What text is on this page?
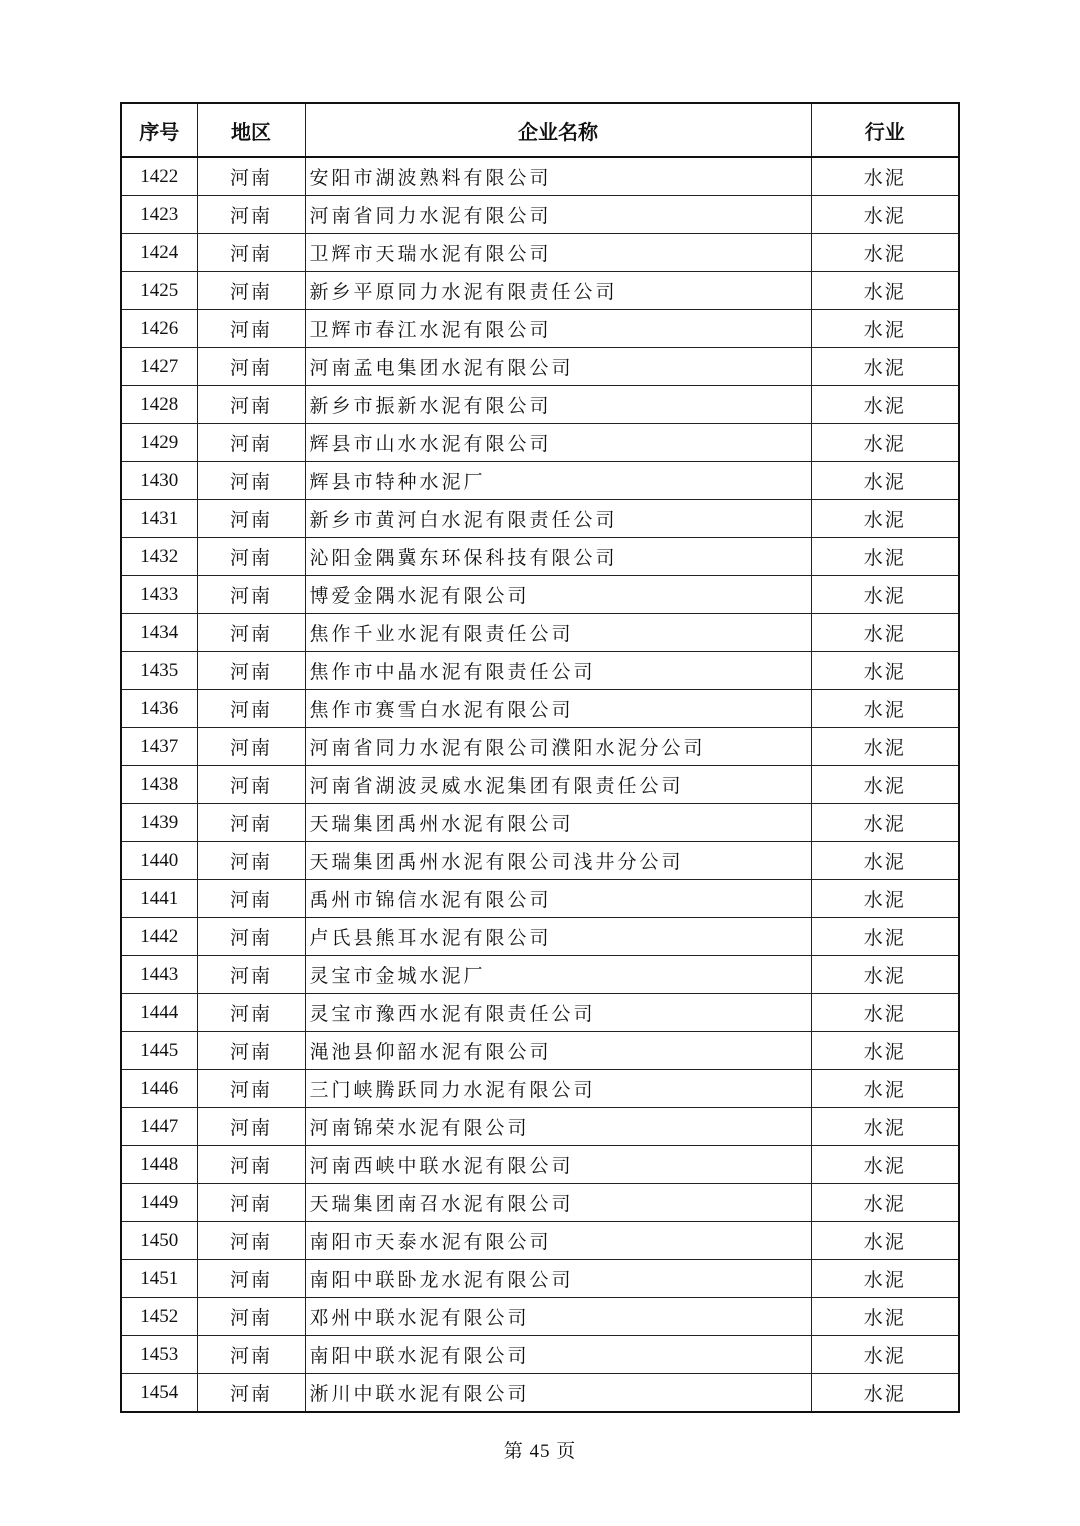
序号	地区	企业名称	行业
1422	河南	安阳市湖波熟料有限公司	水泥
1423	河南	河南省同力水泥有限公司	水泥
1424	河南	卫辉市天瑞水泥有限公司	水泥
1425	河南	新乡平原同力水泥有限责任公司	水泥
1426	河南	卫辉市春江水泥有限公司	水泥
1427	河南	河南孟电集团水泥有限公司	水泥
1428	河南	新乡市振新水泥有限公司	水泥
1429	河南	辉县市山水水泥有限公司	水泥
1430	河南	辉县市特种水泥厂	水泥
1431	河南	新乡市黄河白水泥有限责任公司	水泥
1432	河南	沁阳金隅冀东环保科技有限公司	水泥
1433	河南	博爱金隅水泥有限公司	水泥
1434	河南	焦作千业水泥有限责任公司	水泥
1435	河南	焦作市中晶水泥有限责任公司	水泥
1436	河南	焦作市赛雪白水泥有限公司	水泥
1437	河南	河南省同力水泥有限公司濮阳水泥分公司	水泥
1438	河南	河南省湖波灵威水泥集团有限责任公司	水泥
1439	河南	天瑞集团禹州水泥有限公司	水泥
1440	河南	天瑞集团禹州水泥有限公司浅井分公司	水泥
1441	河南	禹州市锦信水泥有限公司	水泥
1442	河南	卢氏县熊耳水泥有限公司	水泥
1443	河南	灵宝市金城水泥厂	水泥
1444	河南	灵宝市豫西水泥有限责任公司	水泥
1445	河南	渑池县仰韶水泥有限公司	水泥
1446	河南	三门峡腾跃同力水泥有限公司	水泥
1447	河南	河南锦荣水泥有限公司	水泥
1448	河南	河南西峡中联水泥有限公司	水泥
1449	河南	天瑞集团南召水泥有限公司	水泥
1450	河南	南阳市天泰水泥有限公司	水泥
1451	河南	南阳中联卧龙水泥有限公司	水泥
1452	河南	邓州中联水泥有限公司	水泥
1453	河南	南阳中联水泥有限公司	水泥
1454	河南	淅川中联水泥有限公司	水泥
第 45 页
